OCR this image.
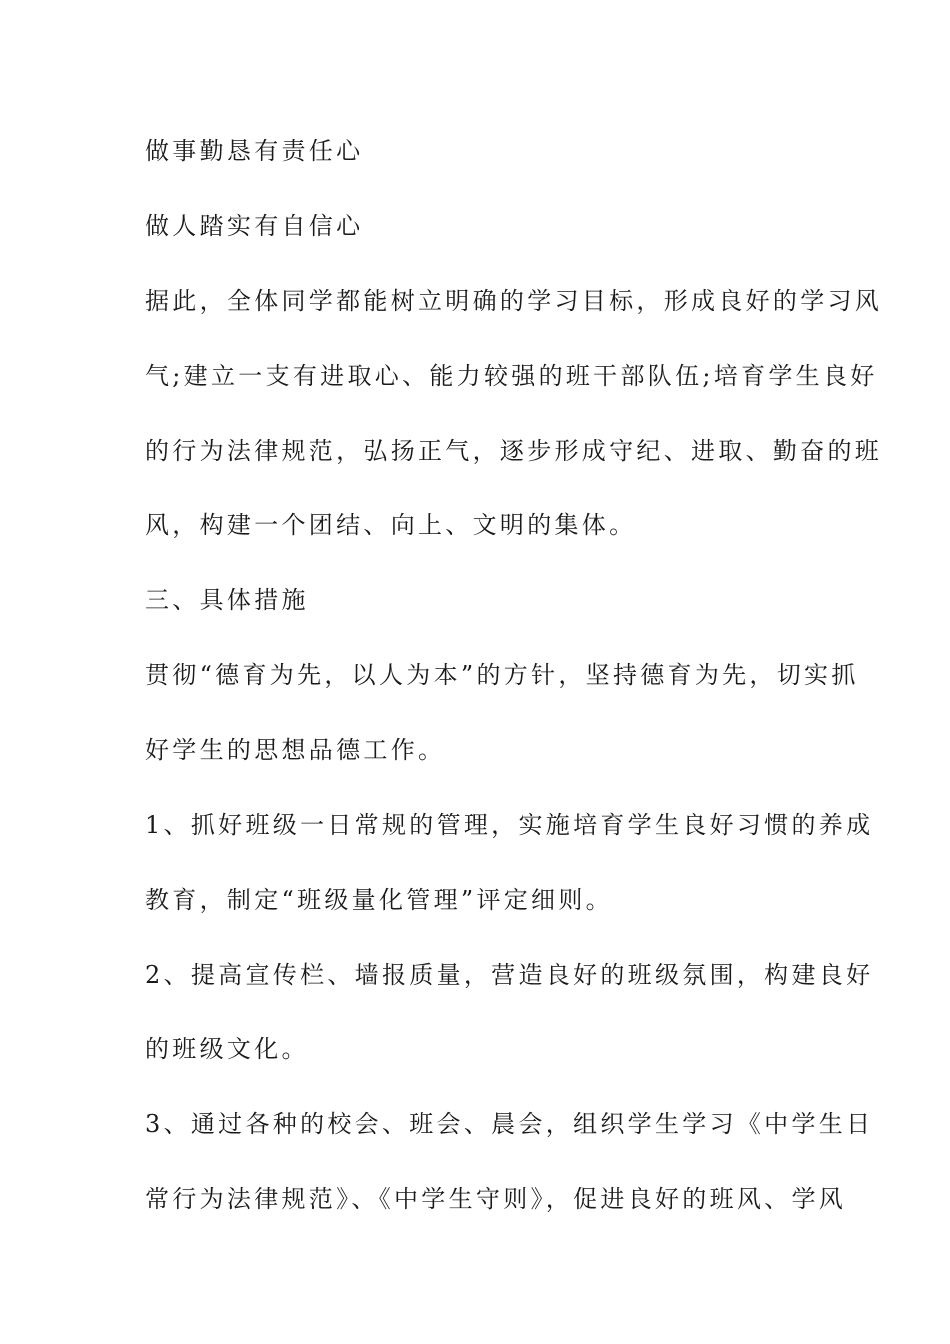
做事勤恳有责任心
做人踏实有自信心
据此，全体同学都能树立明确的学习目标，形成良好的学习风
气;建立一支有进取心、能力较强的班干部队伍;培育学生良好
的行为法律规范，弘扬正气，逐步形成守纪、进取、勤奋的班
风，构建一个团结、向上、文明的集体。
三、具体措施
贯彻“德育为先，以人为本”的方针，坚持德育为先，切实抓
好学生的思想品德工作。
1、抓好班级一日常规的管理，实施培育学生良好习惯的养成
教育，制定“班级量化管理”评定细则。
2、提高宣传栏、墙报质量，营造良好的班级氛围，构建良好
的班级文化。
3、通过各种的校会、班会、晨会，组织学生学习《中学生日
常行为法律规范》、《中学生守则》，促进良好的班风、学风
